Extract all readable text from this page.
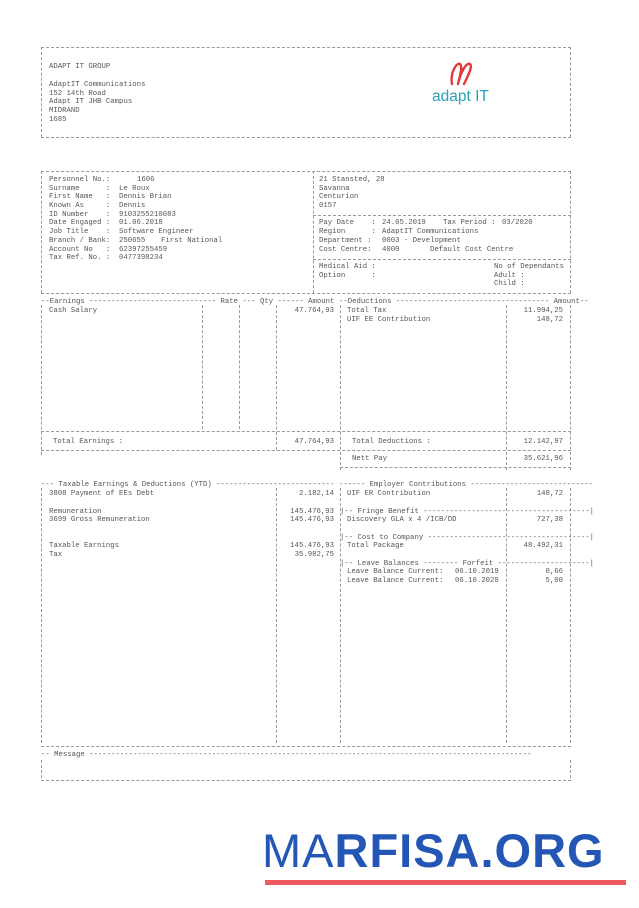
ADAPT IT GROUP
AdaptIT Communications
152 14th Road
Adapt IT JHB Campus
MIDRAND
1685
adapt IT
Personnel No.:	1606
Surname      : Le Roux
First Name   : Dennis Brian
Known As     : Dennis
ID Number    : 9103255210083
Date Engaged : 01.06.2018
Job Title    : Software Engineer
Branch / Bank: 250655 First National
Account No   : 62397255459
Tax Ref. No. : 0477398234
21 Stansted, 28
Savanna
Centurion
0157
Pay Date    : 24.05.2019 Tax Period : 03/2020
Region      : AdaptIT Communications
Department : 0003 - Development
Cost Centre: 4000	Default Cost Centre
Medical Aid :
Option      :
No of Dependants
Adult :
Child :
--Earnings ----------------------------- Rate --- Qty ------ Amount --Deductions ----------------------------------- Amount--
Cash Salary	47.764,93 Total Tax	11.994,25
UIF EE Contribution	148,72
Total Earnings :	47.764,93 Total Deductions :	12.142,97
Nett Pay	35.621,96
--- Taxable Earnings & Deductions (YTD) --------------------------- ------ Employer Contributions ----------------------------
3808 Payment of EEs Debt	2.182,14
Remuneration	145.476,93
3699 Gross Remuneration	145.476,93
Taxable Earnings	145.476,93
Tax	35.982,75
UIF ER Contribution	148,72
|-- Fringe Benefit --------------------------------------|
Discovery GLA x 4 /ICB/DD	727,38
|-- Cost to Company -------------------------------------|
Total Package	48.492,31
|-- Leave Balances -------- Forfeit ---------------------|
Leave Balance Current: 06.10.2019	0,66
Leave Balance Current: 06.10.2020	5,00
-- Message -----------------------------------------------------------------------------------------------------
MARFISA.ORG
